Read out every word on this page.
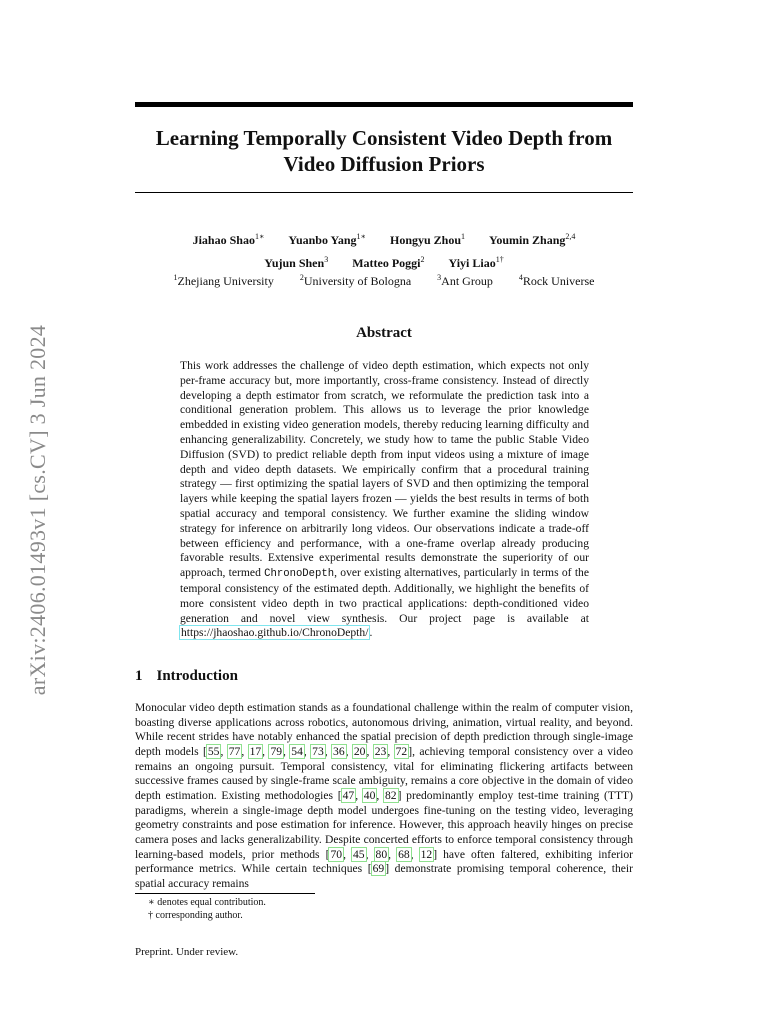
arXiv:2406.01493v1 [cs.CV] 3 Jun 2024
Learning Temporally Consistent Video Depth from
Video Diffusion Priors
Jiahao Shao$^{1∗}$ Yuanbo Yang$^{1∗}$ Hongyu Zhou$^1$ Youmin Zhang$^{2,4}$
Yujun Shen$^3$ Matteo Poggi$^2$ Yiyi Liao$^{1\dagger}$
$^1$Zhejiang University	$^2$University of Bologna	$^3$Ant Group	$^4$Rock Universe
Abstract
This work addresses the challenge of video depth estimation, which expects not only per-frame accuracy but, more importantly, cross-frame consistency. Instead of directly developing a depth estimator from scratch, we reformulate the prediction task into a conditional generation problem. This allows us to leverage the prior knowledge embedded in existing video generation models, thereby reducing learning difficulty and enhancing generalizability. Concretely, we study how to tame the public Stable Video Diffusion (SVD) to predict reliable depth from input videos using a mixture of image depth and video depth datasets. We empirically confirm that a procedural training strategy — first optimizing the spatial layers of SVD and then optimizing the temporal layers while keeping the spatial layers frozen — yields the best results in terms of both spatial accuracy and temporal consistency. We further examine the sliding window strategy for inference on arbitrarily long videos. Our observations indicate a trade-off between efficiency and performance, with a one-frame overlap already producing favorable results. Extensive experimental results demonstrate the superiority of our approach, termed ChronoDepth, over existing alternatives, particularly in terms of the temporal consistency of the estimated depth. Additionally, we highlight the benefits of more consistent video depth in two practical applications: depth-conditioned video generation and novel view synthesis. Our project page is available at https://jhaoshao.github.io/ChronoDepth/.
1 Introduction
Monocular video depth estimation stands as a foundational challenge within the realm of computer vision, boasting diverse applications across robotics, autonomous driving, animation, virtual reality, and beyond. While recent strides have notably enhanced the spatial precision of depth prediction through single-image depth models [55, 77, 17, 79, 54, 73, 36, 20, 23, 72], achieving temporal consistency over a video remains an ongoing pursuit. Temporal consistency, vital for eliminating flickering artifacts between successive frames caused by single-frame scale ambiguity, remains a core objective in the domain of video depth estimation. Existing methodologies [47, 40, 82] predominantly employ test-time training (TTT) paradigms, wherein a single-image depth model undergoes fine-tuning on the testing video, leveraging geometry constraints and pose estimation for inference. However, this approach heavily hinges on precise camera poses and lacks generalizability. Despite concerted efforts to enforce temporal consistency through learning-based models, prior methods [70, 45, 80, 68, 12] have often faltered, exhibiting inferior performance metrics. While certain techniques [69] demonstrate promising temporal coherence, their spatial accuracy remains
∗ denotes equal contribution.
† corresponding author.
Preprint. Under review.
